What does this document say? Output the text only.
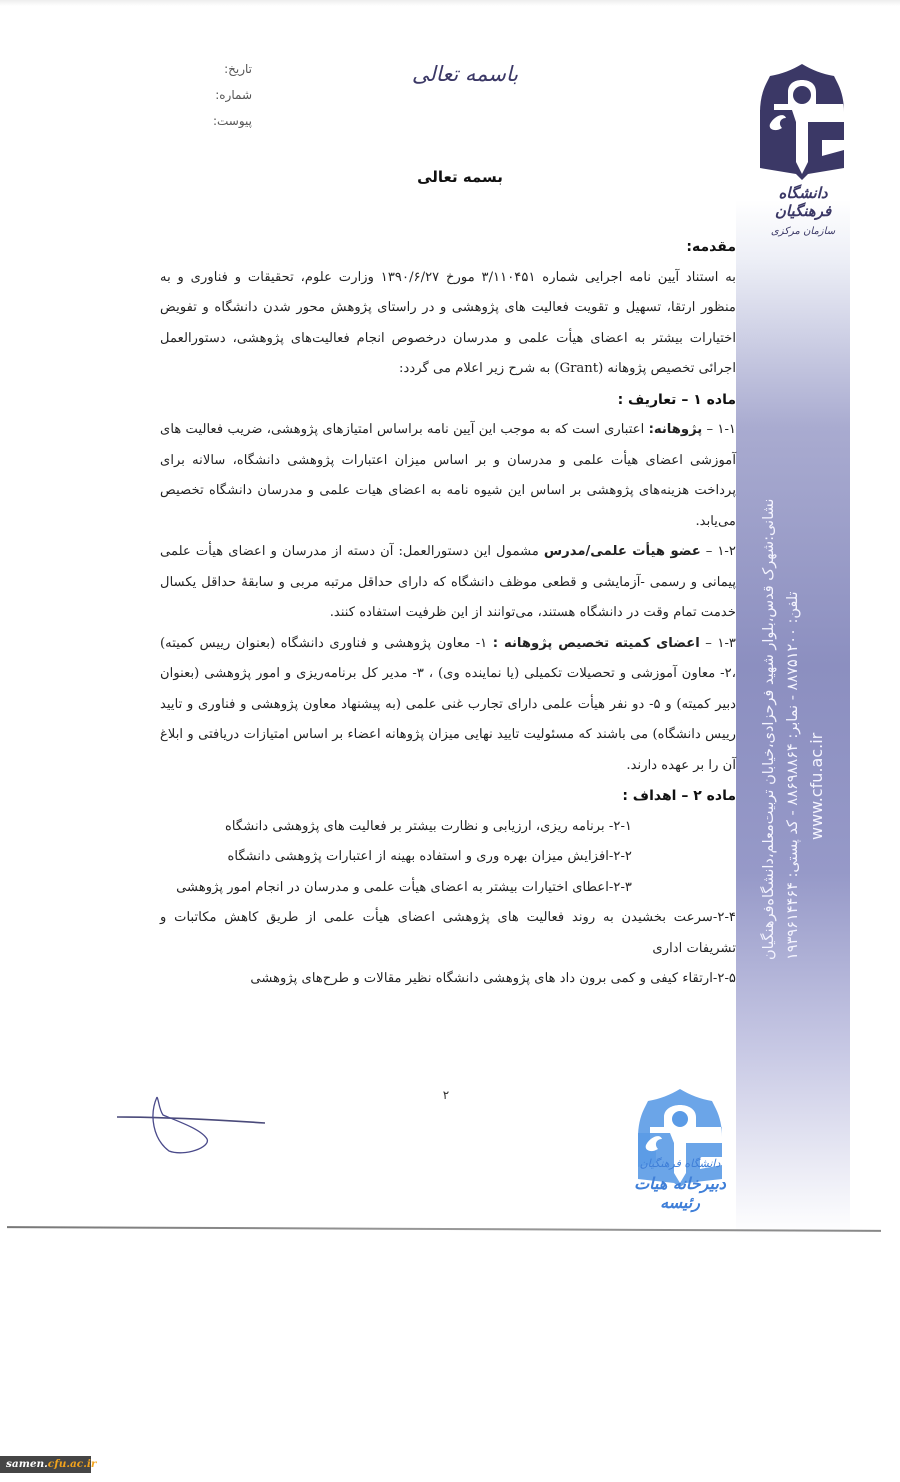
نشانی:شهرک قدس،بلوار شهید فرحزادی،خیابان تربیت‌معلم،دانشگاه‌فرهنگیان تلفن: ۸۸۷۵۱۲۰۰ - نمابر: ۸۸۶۹۸۸۶۴ - کد پستی: ۱۹۳۹۶۱۴۴۶۴
www.cfu.ac.ir
تاریخ:
شماره:
پیوست:
باسمه تعالی
دانشگاه فرهنگیان
سازمان مرکزی
بسمه تعالی

مقدمه:

به استناد آیین نامه اجرایی شماره ۳/۱۱۰۴۵۱ مورخ ۱۳۹۰/۶/۲۷ وزارت علوم، تحقیقات و فناوری و به منظور ارتقا، تسهیل و تقویت فعالیت های پژوهشی و در راستای پژوهش محور شدن دانشگاه و تفویض اختیارات بیشتر به اعضای هیأت علمی و مدرسان درخصوص انجام فعالیت‌های پژوهشی، دستورالعمل اجرائی تخصیص پژوهانه (Grant) به شرح زیر اعلام می گردد:

ماده ۱ – تعاریف :

۱-۱ – پژوهانه: اعتباری است که به موجب این آیین نامه براساس امتیازهای پژوهشی، ضریب فعالیت های آموزشی اعضای هیأت علمی و مدرسان و بر اساس میزان اعتبارات پژوهشی دانشگاه، سالانه برای پرداخت هزینه‌های پژوهشی بر اساس این شیوه نامه به اعضای هیات علمی و مدرسان دانشگاه تخصیص می‌یابد.

۱-۲ – عضو هیأت علمی/مدرس مشمول این دستورالعمل: آن دسته از مدرسان و اعضای هیأت علمی پیمانی و رسمی -آزمایشی و قطعی موظف دانشگاه که دارای حداقل مرتبه مربی و سابقهٔ حداقل یکسال خدمت تمام وقت در دانشگاه هستند، می‌توانند از این ظرفیت استفاده کنند.

۱-۳ – اعضای کمیته تخصیص پژوهانه : ۱- معاون پژوهشی و فناوری دانشگاه (بعنوان رییس کمیته) ،۲- معاون آموزشی و تحصیلات تکمیلی (یا نماینده وی) ، ۳- مدیر کل برنامه‌ریزی و امور پژوهشی (بعنوان دبیر کمیته) و ۵- دو نفر هیأت علمی دارای تجارب غنی علمی (به پیشنهاد معاون پژوهشی و فناوری و تایید رییس دانشگاه) می باشند که مسئولیت تایید نهایی میزان پژوهانه اعضاء بر اساس امتیازات دریافتی و ابلاغ آن را بر عهده دارند.

ماده ۲ – اهداف :

۲-۱- برنامه ریزی، ارزیابی و نظارت بیشتر بر فعالیت های پژوهشی دانشگاه

۲-۲-افزایش میزان بهره وری و استفاده بهینه از اعتبارات پژوهشی دانشگاه

۲-۳-اعطای اختیارات بیشتر به اعضای هیأت علمی و مدرسان در انجام امور پژوهشی

۲-۴-سرعت بخشیدن به روند فعالیت های پژوهشی اعضای هیأت علمی از طریق کاهش مکاتبات و تشریفات اداری

۲-۵-ارتقاء کیفی و کمی برون داد های پژوهشی دانشگاه نظیر مقالات و طرح‌های پژوهشی

۲
دانشگاه فرهنگیان
دبیرخانه هیات رئیسه
samen.cfu.ac.ir
